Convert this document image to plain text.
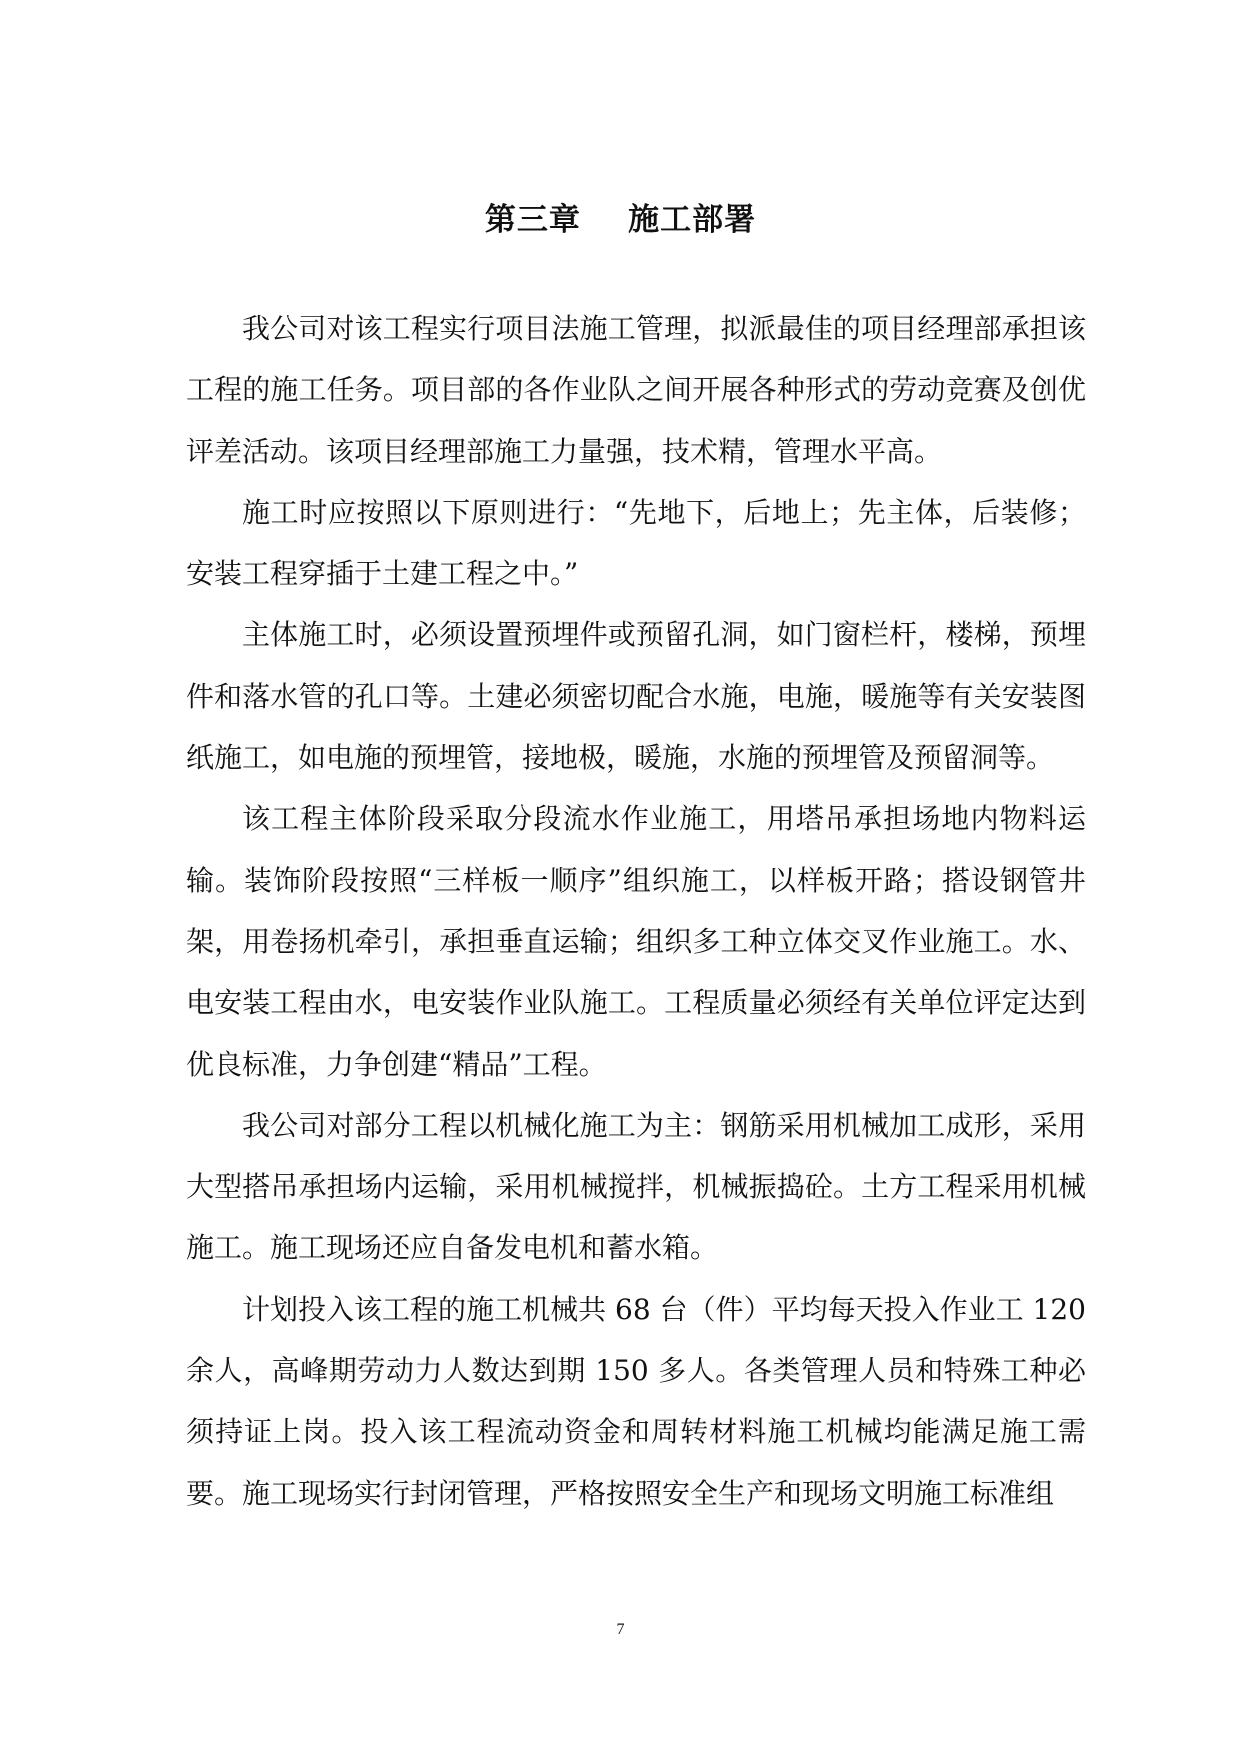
第三章    施工部署

我公司对该工程实行项目法施工管理，拟派最佳的项目经理部承担该工程的施工任务。项目部的各作业队之间开展各种形式的劳动竞赛及创优评差活动。该项目经理部施工力量强，技术精，管理水平高。

施工时应按照以下原则进行：“先地下，后地上；先主体，后装修；安装工程穿插于土建工程之中。”

主体施工时，必须设置预埋件或预留孔洞，如门窗栏杆，楼梯，预埋件和落水管的孔口等。土建必须密切配合水施，电施，暖施等有关安装图纸施工，如电施的预埋管，接地极，暖施，水施的预埋管及预留洞等。

该工程主体阶段采取分段流水作业施工，用塔吊承担场地内物料运输。装饰阶段按照“三样板一顺序”组织施工，以样板开路；搭设钢管井架，用卷扬机牵引，承担垂直运输；组织多工种立体交叉作业施工。水、电安装工程由水，电安装作业队施工。工程质量必须经有关单位评定达到优良标准，力争创建“精品”工程。

我公司对部分工程以机械化施工为主：钢筋采用机械加工成形，采用大型搭吊承担场内运输，采用机械搅拌，机械振捣砼。土方工程采用机械施工。施工现场还应自备发电机和蓄水箱。

计划投入该工程的施工机械共 68 台（件）平均每天投入作业工 120 余人，高峰期劳动力人数达到期 150 多人。各类管理人员和特殊工种必须持证上岗。投入该工程流动资金和周转材料施工机械均能满足施工需要。施工现场实行封闭管理，严格按照安全生产和现场文明施工标准组

7
